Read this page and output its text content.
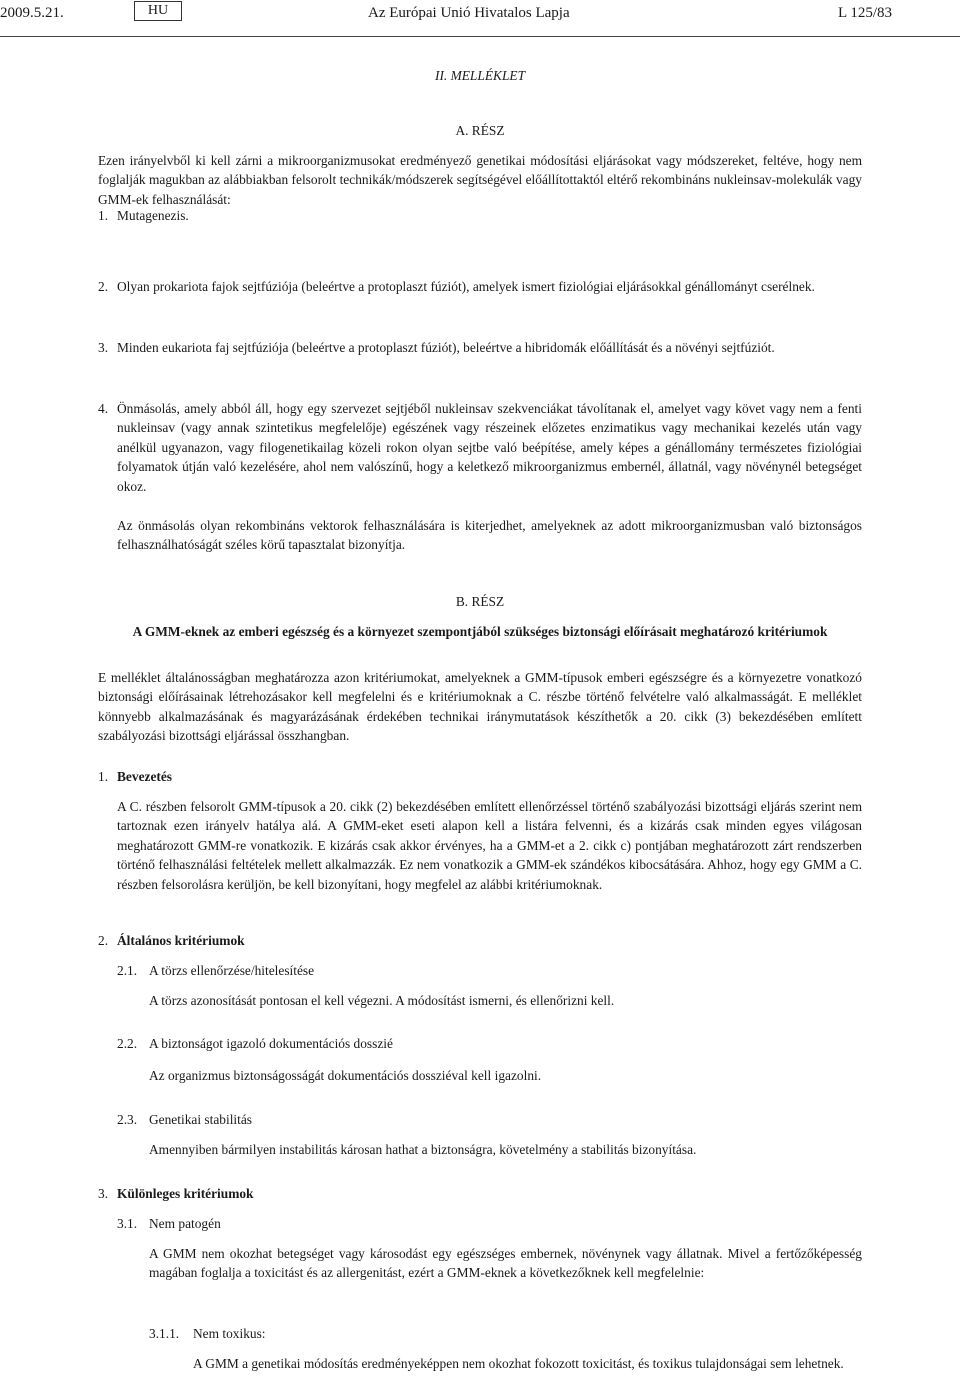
2009.5.21.	HU	Az Európai Unió Hivatalos Lapja	L 125/83
II. MELLÉKLET
A. RÉSZ

Ezen irányelvből ki kell zárni a mikroorganizmusokat eredményező genetikai módosítási eljárásokat vagy módszereket, feltéve, hogy nem foglalják magukban az alábbiakban felsorolt technikák/módszerek segítségével előállítottaktól eltérő rekombináns nukleinsav-molekulák vagy GMM-ek felhasználását:

1. Mutagenezis.
2. Olyan prokariota fajok sejtfúziója (beleértve a protoplaszt fúziót), amelyek ismert fiziológiai eljárásokkal génállományt cserélnek.

3. Minden eukariota faj sejtfúziója (beleértve a protoplaszt fúziót), beleértve a hibridomák előállítását és a növényi sejtfúziót.

4. Önmásolás, amely abból áll, hogy egy szervezet sejtjéből nukleinsav szekvenciákat távolítanak el, amelyet vagy követ vagy nem a fenti nukleinsav (vagy annak szintetikus megfelelője) egészének vagy részeinek előzetes enzimatikus vagy mechanikai kezelés után vagy anélkül ugyanazon, vagy filogenetikailag közeli rokon olyan sejtbe való beépítése, amely képes a génállomány természetes fiziológiai folyamatok útján való kezelésére, ahol nem valószínű, hogy a keletkező mikroorganizmus embernél, állatnál, vagy növénynél betegséget okoz.

Az önmásolás olyan rekombináns vektorok felhasználására is kiterjedhet, amelyeknek az adott mikroorganizmusban való biztonságos felhasználhatóságát széles körű tapasztalat bizonyítja.

B. RÉSZ

A GMM-eknek az emberi egészség és a környezet szempontjából szükséges biztonsági előírásait meghatározó kritériumok

E melléklet általánosságban meghatározza azon kritériumokat, amelyeknek a GMM-típusok emberi egészségre és a környezetre vonatkozó biztonsági előírásainak létrehozásakor kell megfelelni és e kritériumoknak a C. részbe történő felvételre való alkalmasságát. E melléklet könnyebb alkalmazásának és magyarázásának érdekében technikai iránymutatások készíthetők a 20. cikk (3) bekezdésében említett szabályozási bizottsági eljárással összhangban.

1. Bevezetés

A C. részben felsorolt GMM-típusok a 20. cikk (2) bekezdésében említett ellenőrzéssel történő szabályozási bizottsági eljárás szerint nem tartoznak ezen irányelv hatálya alá. A GMM-eket eseti alapon kell a listára felvenni, és a kizárás csak minden egyes világosan meghatározott GMM-re vonatkozik. E kizárás csak akkor érvényes, ha a GMM-et a 2. cikk c) pontjában meghatározott zárt rendszerben történő felhasználási feltételek mellett alkalmazzák. Ez nem vonatkozik a GMM-ek szándékos kibocsátására. Ahhoz, hogy egy GMM a C. részben felsorolásra kerüljön, be kell bizonyítani, hogy megfelel az alábbi kritériumoknak.

2. Általános kritériumok
2.1. A törzs ellenőrzése/hitelesítése

A törzs azonosítását pontosan el kell végezni. A módosítást ismerni, és ellenőrizni kell.

2.2. A biztonságot igazoló dokumentációs dosszié

Az organizmus biztonságosságát dokumentációs dossziéval kell igazolni.

2.3. Genetikai stabilitás

Amennyiben bármilyen instabilitás károsan hathat a biztonságra, követelmény a stabilitás bizonyítása.

3. Különleges kritériumok
3.1. Nem patogén

A GMM nem okozhat betegséget vagy károsodást egy egészséges embernek, növénynek vagy állatnak. Mivel a fertőzőképesség magában foglalja a toxicitást és az allergenitást, ezért a GMM-eknek a következőknek kell megfelelnie:

3.1.1. Nem toxikus:

A GMM a genetikai módosítás eredményeképpen nem okozhat fokozott toxicitást, és toxikus tulajdonságai sem lehetnek.
